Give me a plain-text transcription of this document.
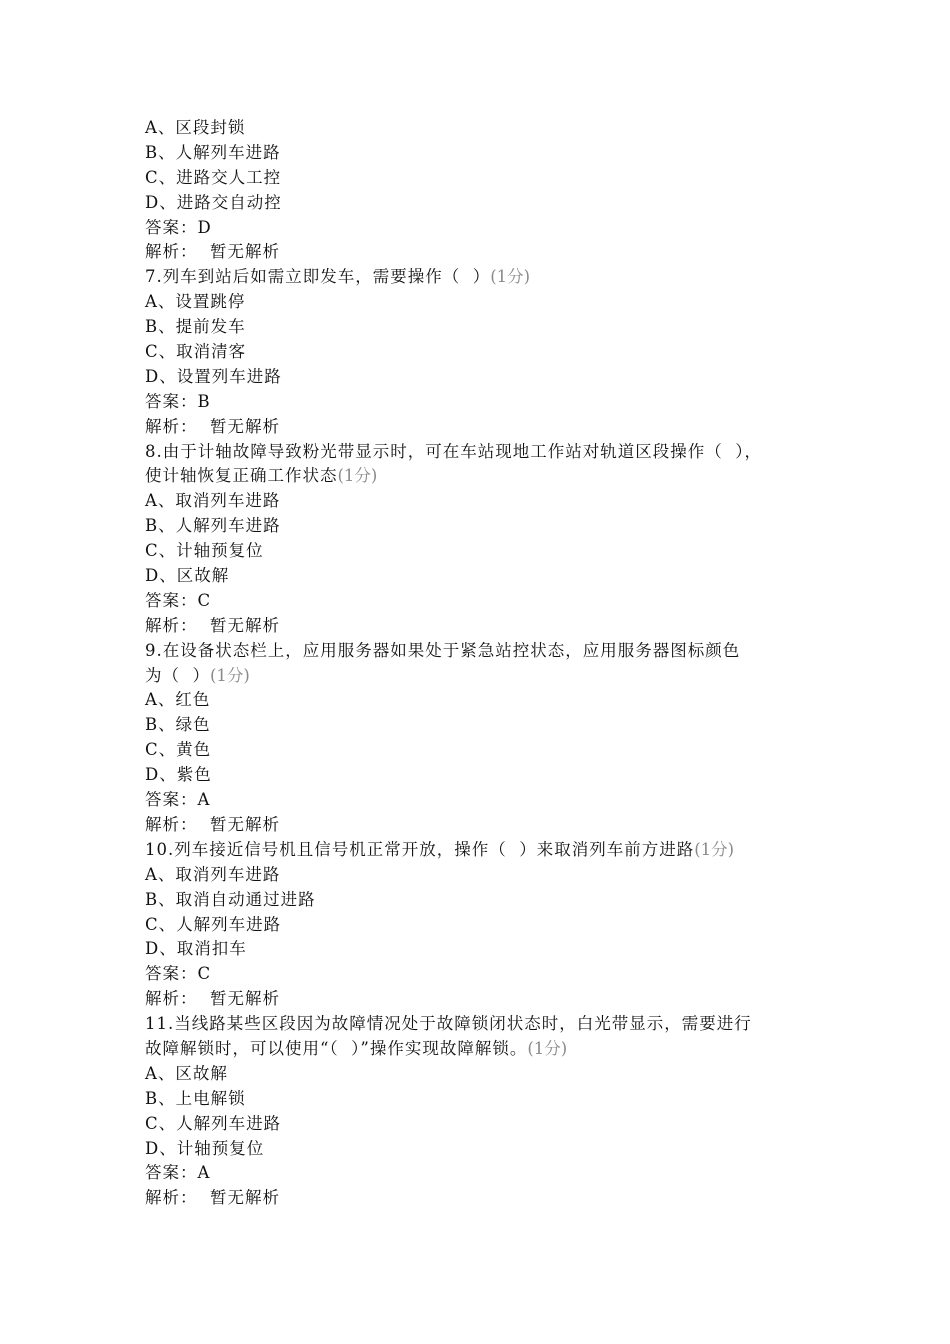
A、区段封锁
B、人解列车进路
C、进路交人工控
D、进路交自动控
答案：D
解析：  暂无解析
7.列车到站后如需立即发车，需要操作（  ）(1分)
A、设置跳停
B、提前发车
C、取消清客
D、设置列车进路
答案：B
解析：  暂无解析
8.由于计轴故障导致粉光带显示时，可在车站现地工作站对轨道区段操作（  ），
使计轴恢复正确工作状态(1分)
A、取消列车进路
B、人解列车进路
C、计轴预复位
D、区故解
答案：C
解析：  暂无解析
9.在设备状态栏上，应用服务器如果处于紧急站控状态，应用服务器图标颜色
为（  ）(1分)
A、红色
B、绿色
C、黄色
D、紫色
答案：A
解析：  暂无解析
10.列车接近信号机且信号机正常开放，操作（  ）来取消列车前方进路(1分)
A、取消列车进路
B、取消自动通过进路
C、人解列车进路
D、取消扣车
答案：C
解析：  暂无解析
11.当线路某些区段因为故障情况处于故障锁闭状态时，白光带显示，需要进行
故障解锁时，可以使用“（  ）”操作实现故障解锁。(1分)
A、区故解
B、上电解锁
C、人解列车进路
D、计轴预复位
答案：A
解析：  暂无解析
